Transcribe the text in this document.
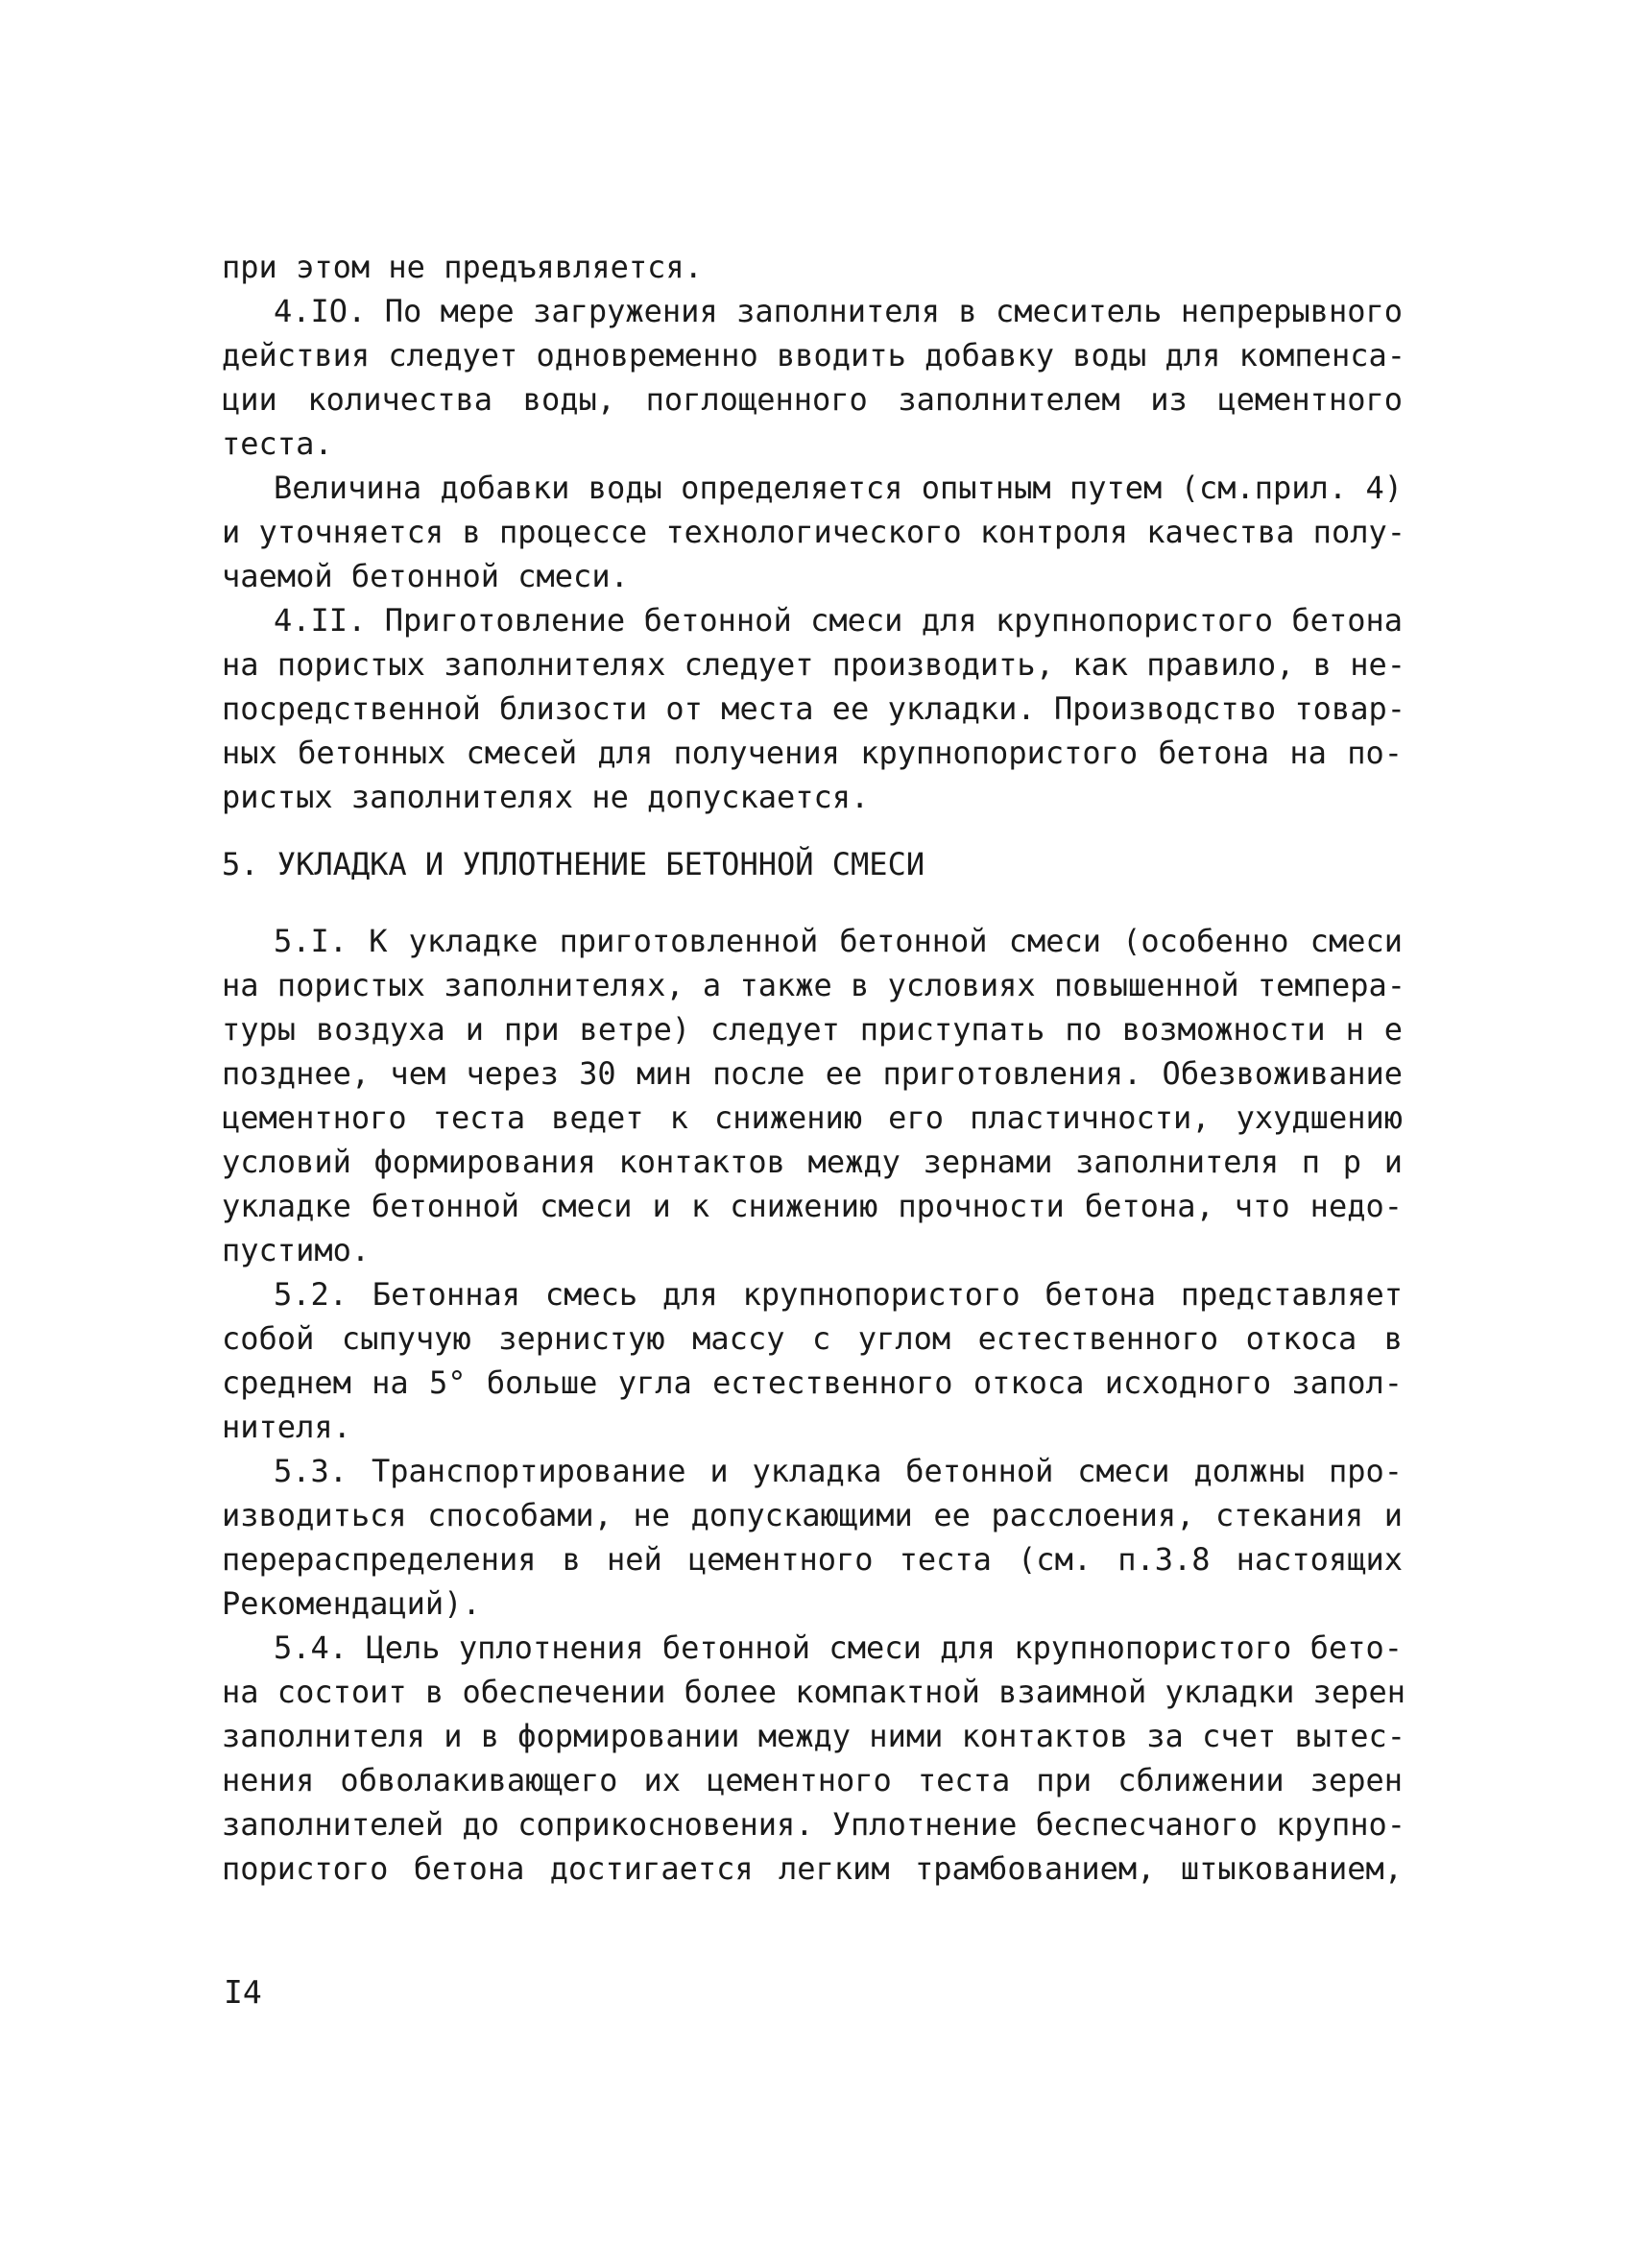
при этом не предъявляется.
4.IO. По мере загружения заполнителя в смеситель непрерывного
действия следует одновременно вводить добавку воды для компенса-
ции количества воды, поглощенного заполнителем из цементного
теста.
Величина добавки воды определяется опытным путем (см.прил. 4)
и уточняется в процессе технологического контроля качества полу-
чаемой бетонной смеси.
4.II. Приготовление бетонной смеси для крупнопористого бетона
на пористых заполнителях следует производить, как правило, в не-
посредственной близости от места ее укладки. Производство товар-
ных бетонных смесей для получения крупнопористого бетона на по-
ристых заполнителях не допускается.
5. УКЛАДКА И УПЛОТНЕНИЕ БЕТОННОЙ СМЕСИ
5.I. К укладке приготовленной бетонной смеси (особенно смеси
на пористых заполнителях, а также в условиях повышенной темпера-
туры воздуха и при ветре) следует приступать по возможности н е
позднее, чем через 30 мин после ее приготовления. Обезвоживание
цементного теста ведет к снижению его пластичности, ухудшению
условий формирования контактов между зернами заполнителя п р и
укладке бетонной смеси и к снижению прочности бетона, что недо-
пустимо.
5.2. Бетонная смесь для крупнопористого бетона представляет
собой сыпучую зернистую массу с углом естественного откоса в
среднем на 5° больше угла естественного откоса исходного запол-
нителя.
5.3. Транспортирование и укладка бетонной смеси должны про-
изводиться способами, не допускающими ее расслоения, стекания и
перераспределения в ней цементного теста (см. п.3.8 настоящих
Рекомендаций).
5.4. Цель уплотнения бетонной смеси для крупнопористого бето-
на состоит в обеспечении более компактной взаимной укладки зерен
заполнителя и в формировании между ними контактов за счет вытес-
нения обволакивающего их цементного теста при сближении зерен
заполнителей до соприкосновения. Уплотнение беспесчаного крупно-
пористого бетона достигается легким трамбованием, штыкованием,
I4
